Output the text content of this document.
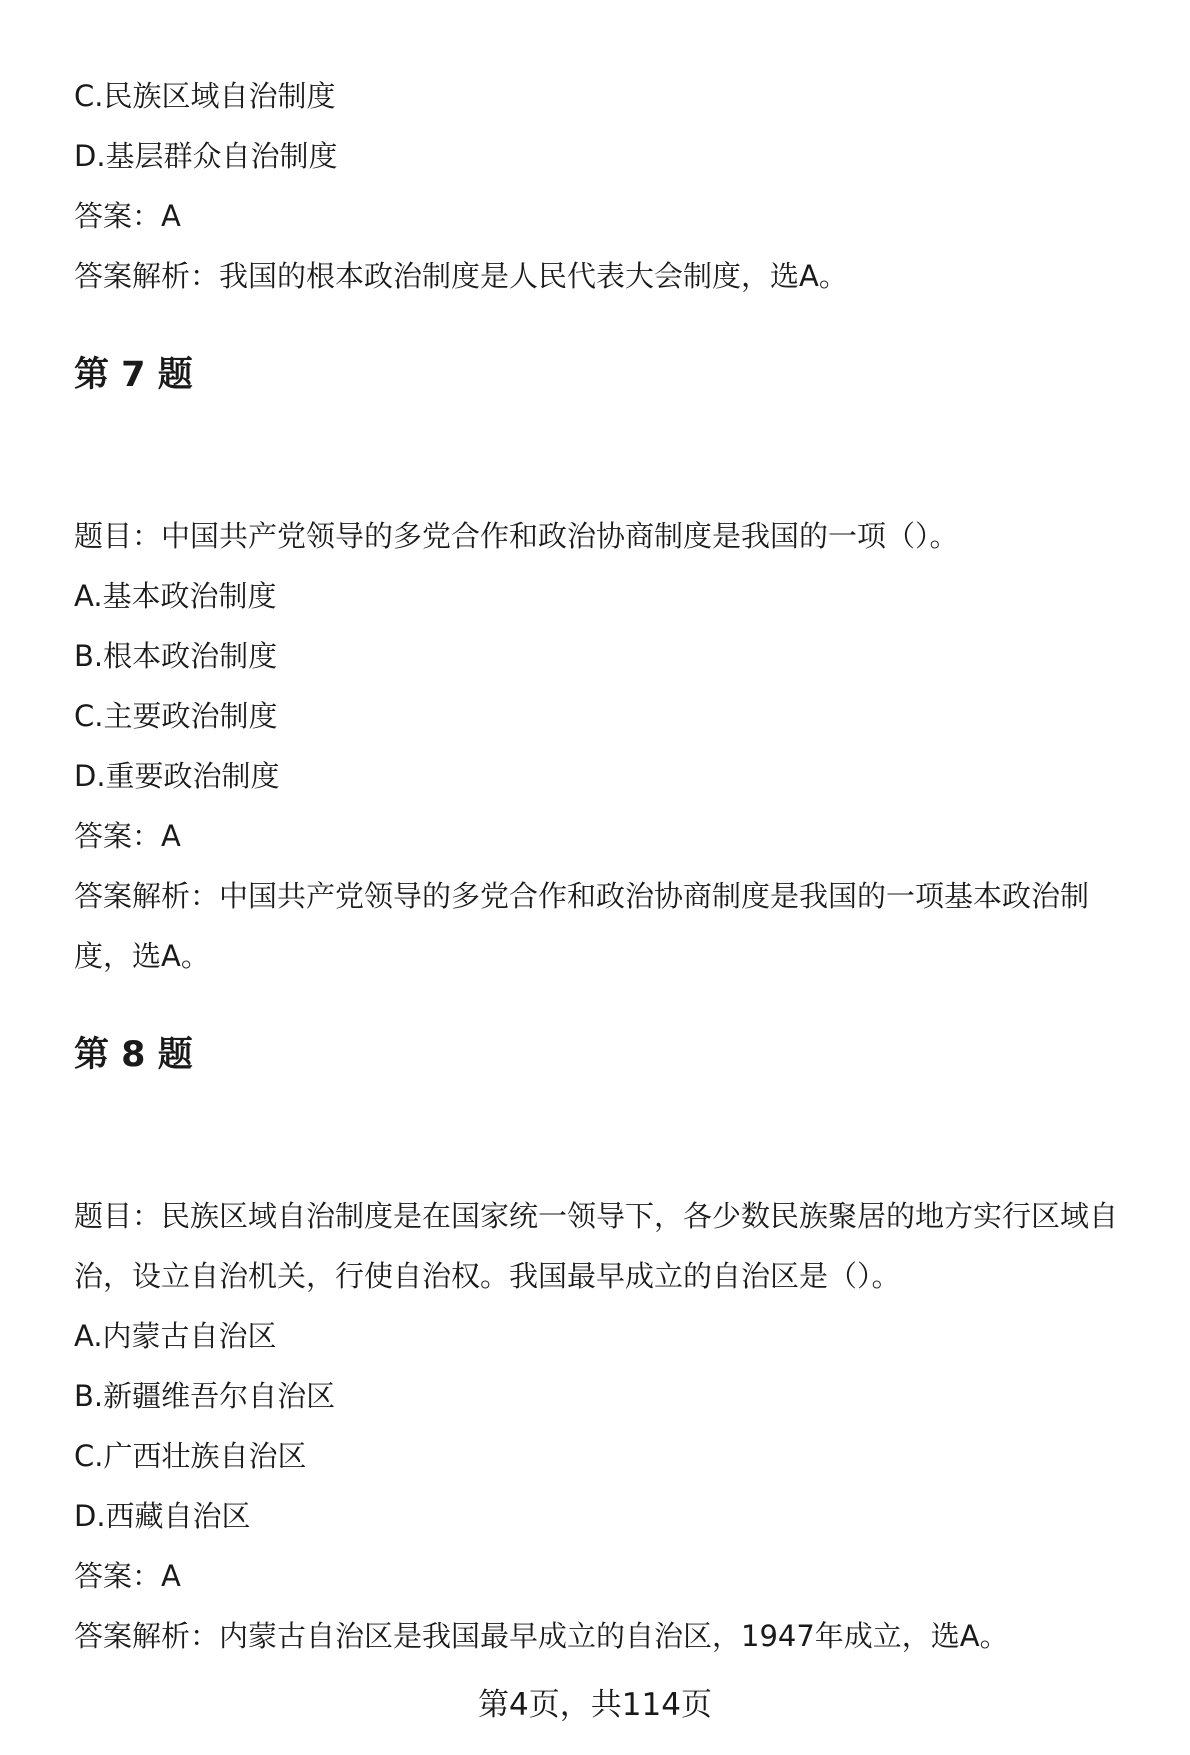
C.民族区域自治制度
D.基层群众自治制度
答案：A
答案解析：我国的根本政治制度是人民代表大会制度，选A。
第 7 题
题目：中国共产党领导的多党合作和政治协商制度是我国的一项（）。
A.基本政治制度
B.根本政治制度
C.主要政治制度
D.重要政治制度
答案：A
答案解析：中国共产党领导的多党合作和政治协商制度是我国的一项基本政治制
度，选A。
第 8 题
题目：民族区域自治制度是在国家统一领导下，各少数民族聚居的地方实行区域自
治，设立自治机关，行使自治权。我国最早成立的自治区是（）。
A.内蒙古自治区
B.新疆维吾尔自治区
C.广西壮族自治区
D.西藏自治区
答案：A
答案解析：内蒙古自治区是我国最早成立的自治区，1947年成立，选A。
第4页，共114页
